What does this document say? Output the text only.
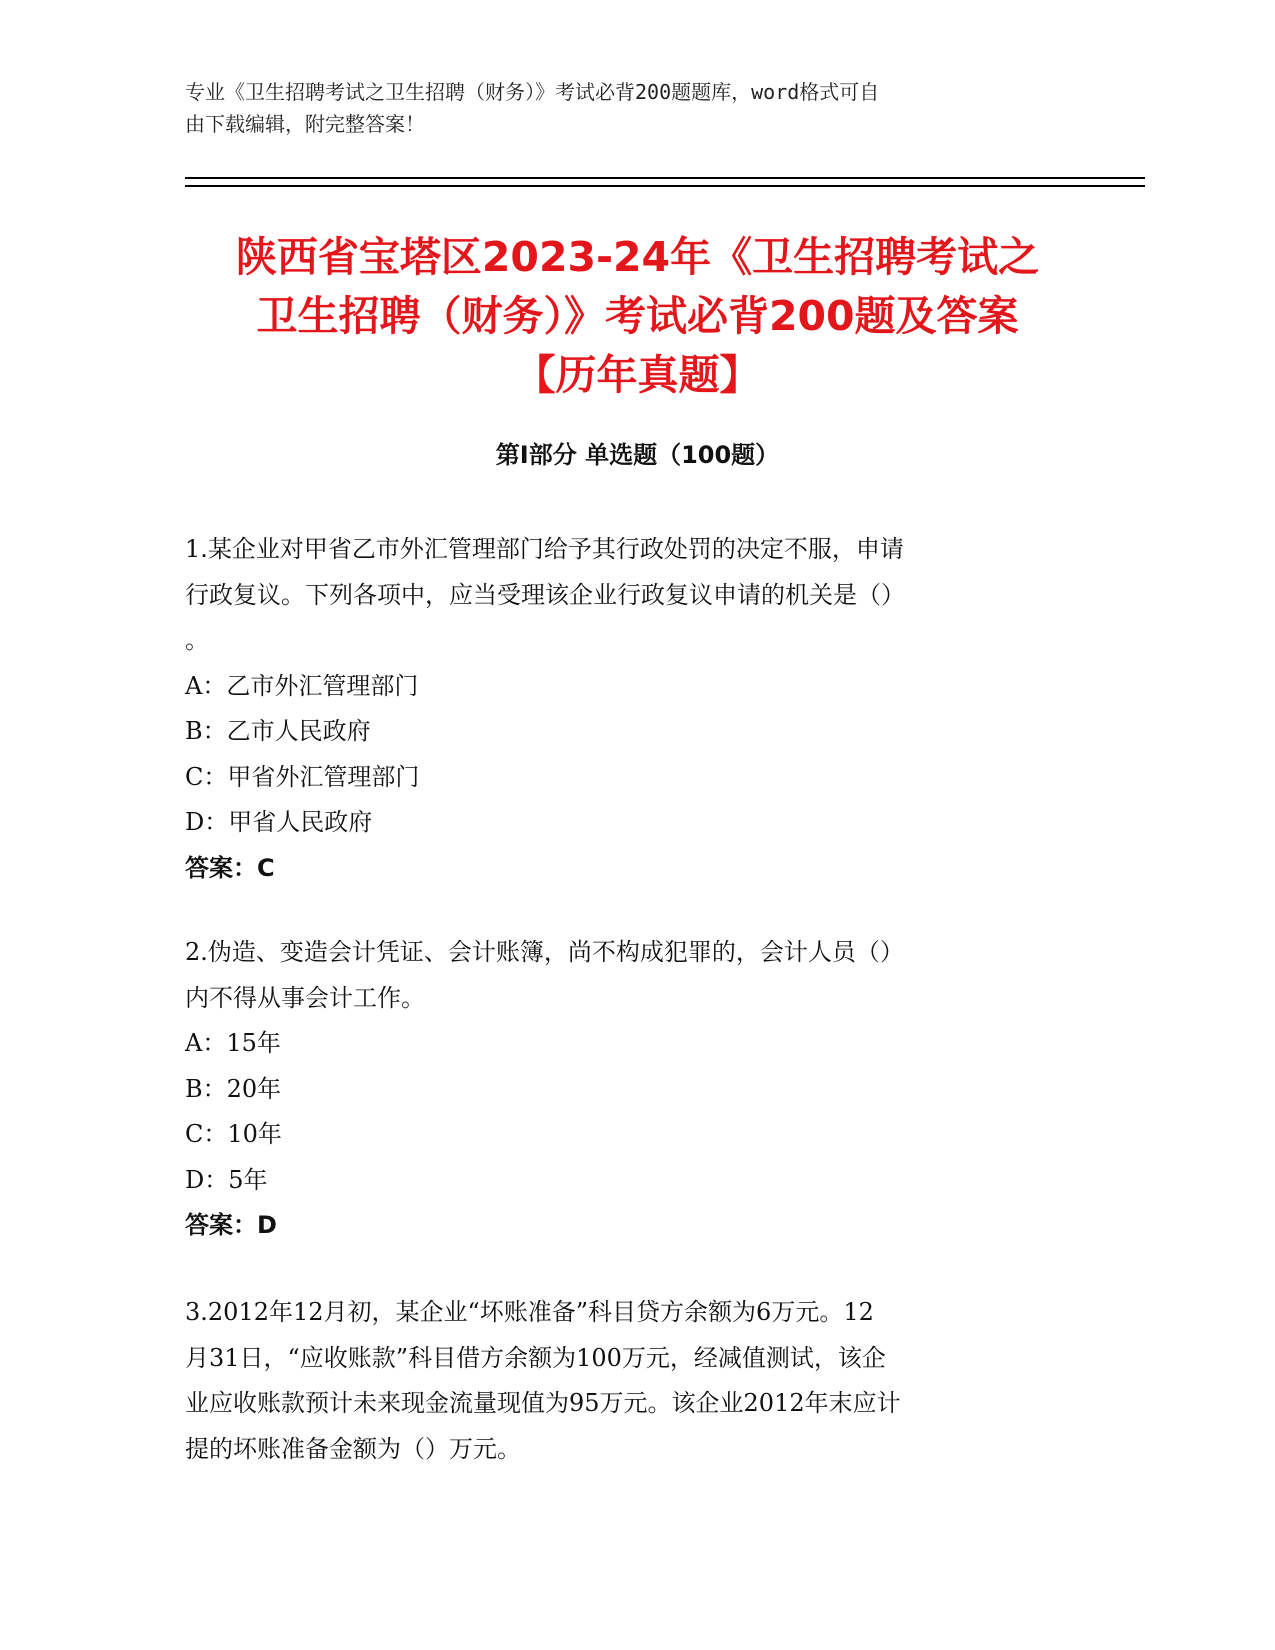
专业《卫生招聘考试之卫生招聘（财务）》考试必背200题题库，word格式可自
由下载编辑，附完整答案！
陕西省宝塔区2023-24年《卫生招聘考试之
卫生招聘（财务）》考试必背200题及答案
【历年真题】
第Ⅰ部分 单选题（100题）
1.某企业对甲省乙市外汇管理部门给予其行政处罚的决定不服，申请
行政复议。下列各项中，应当受理该企业行政复议申请的机关是（）
。
A：乙市外汇管理部门
B：乙市人民政府
C：甲省外汇管理部门
D：甲省人民政府
答案：C
2.伪造、变造会计凭证、会计账簿，尚不构成犯罪的，会计人员（）
内不得从事会计工作。
A：15年
B：20年
C：10年
D：5年
答案：D
3.2012年12月初，某企业“坏账准备”科目贷方余额为6万元。12
月31日，“应收账款”科目借方余额为100万元，经减值测试，该企
业应收账款预计未来现金流量现值为95万元。该企业2012年末应计
提的坏账准备金额为（）万元。
